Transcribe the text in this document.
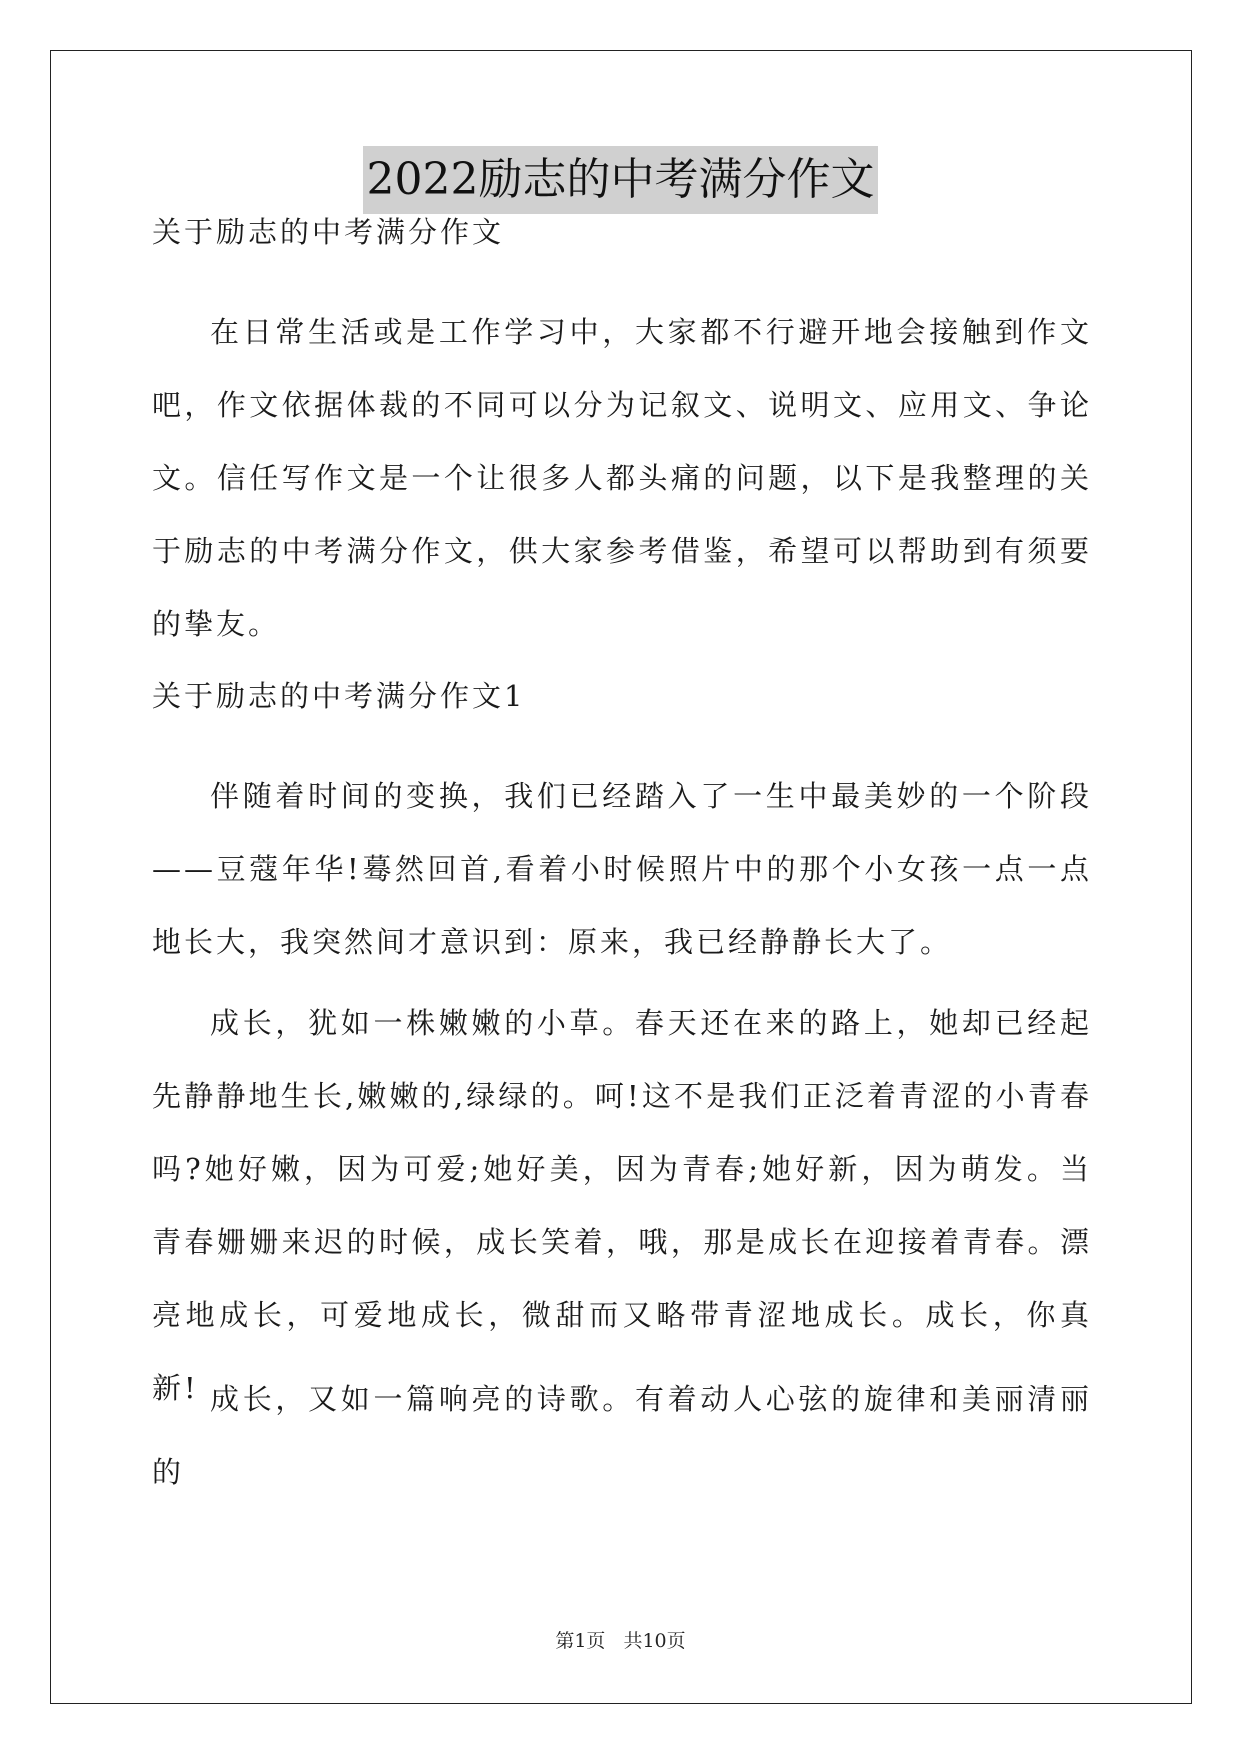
2022励志的中考满分作文
关于励志的中考满分作文
在日常生活或是工作学习中，大家都不行避开地会接触到作文吧，作文依据体裁的不同可以分为记叙文、说明文、应用文、争论文。信任写作文是一个让很多人都头痛的问题，以下是我整理的关于励志的中考满分作文，供大家参考借鉴，希望可以帮助到有须要的挚友。
关于励志的中考满分作文1
伴随着时间的变换，我们已经踏入了一生中最美妙的一个阶段——豆蔻年华!蓦然回首,看着小时候照片中的那个小女孩一点一点地长大，我突然间才意识到：原来，我已经静静长大了。
成长，犹如一株嫩嫩的小草。春天还在来的路上，她却已经起先静静地生长,嫩嫩的,绿绿的。呵!这不是我们正泛着青涩的小青春吗?她好嫩，因为可爱;她好美，因为青春;她好新，因为萌发。当青春姗姗来迟的时候，成长笑着，哦，那是成长在迎接着青春。漂亮地成长，可爱地成长，微甜而又略带青涩地成长。成长，你真新! 成长，又如一篇响亮的诗歌。有着动人心弦的旋律和美丽清丽的
第1页 共10页
